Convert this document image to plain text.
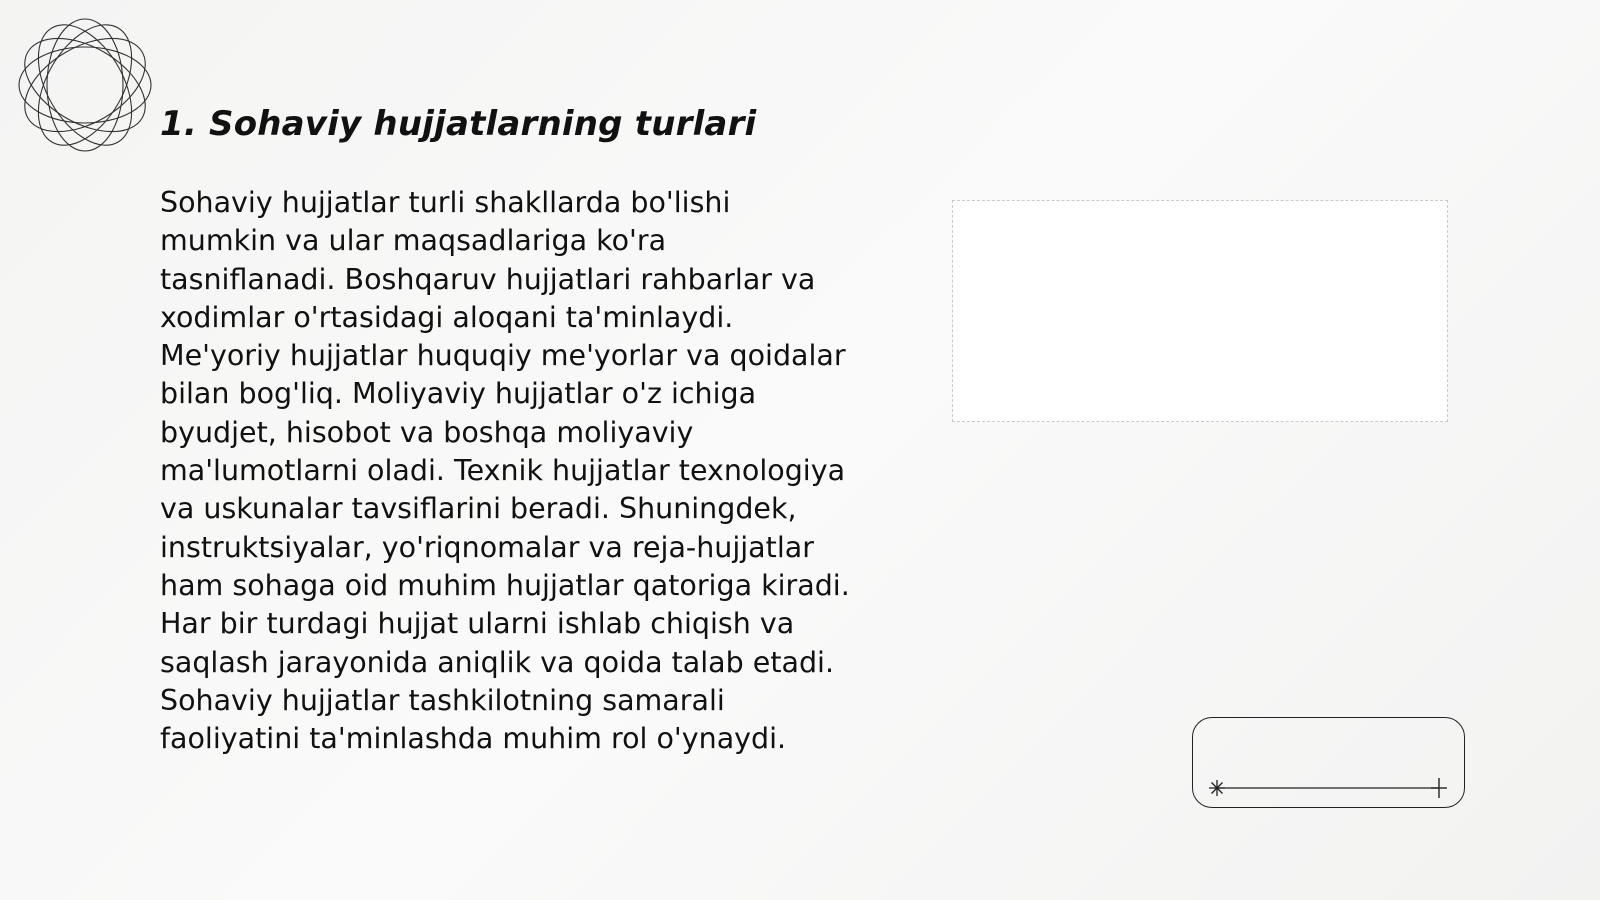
1. Sohaviy hujjatlarning turlari

Sohaviy hujjatlar turli shakllarda bo'lishi mumkin va ular maqsadlariga ko'ra tasniflanadi. Boshqaruv hujjatlari rahbarlar va xodimlar o'rtasidagi aloqani ta'minlaydi. Me'yoriy hujjatlar huquqiy me'yorlar va qoidalar bilan bog'liq. Moliyaviy hujjatlar o'z ichiga byudjet, hisobot va boshqa moliyaviy ma'lumotlarni oladi. Texnik hujjatlar texnologiya va uskunalar tavsiflarini beradi. Shuningdek, instruktsiyalar, yo'riqnomalar va reja-hujjatlar ham sohaga oid muhim hujjatlar qatoriga kiradi. Har bir turdagi hujjat ularni ishlab chiqish va saqlash jarayonida aniqlik va qoida talab etadi. Sohaviy hujjatlar tashkilotning samarali faoliyatini ta'minlashda muhim rol o'ynaydi.
